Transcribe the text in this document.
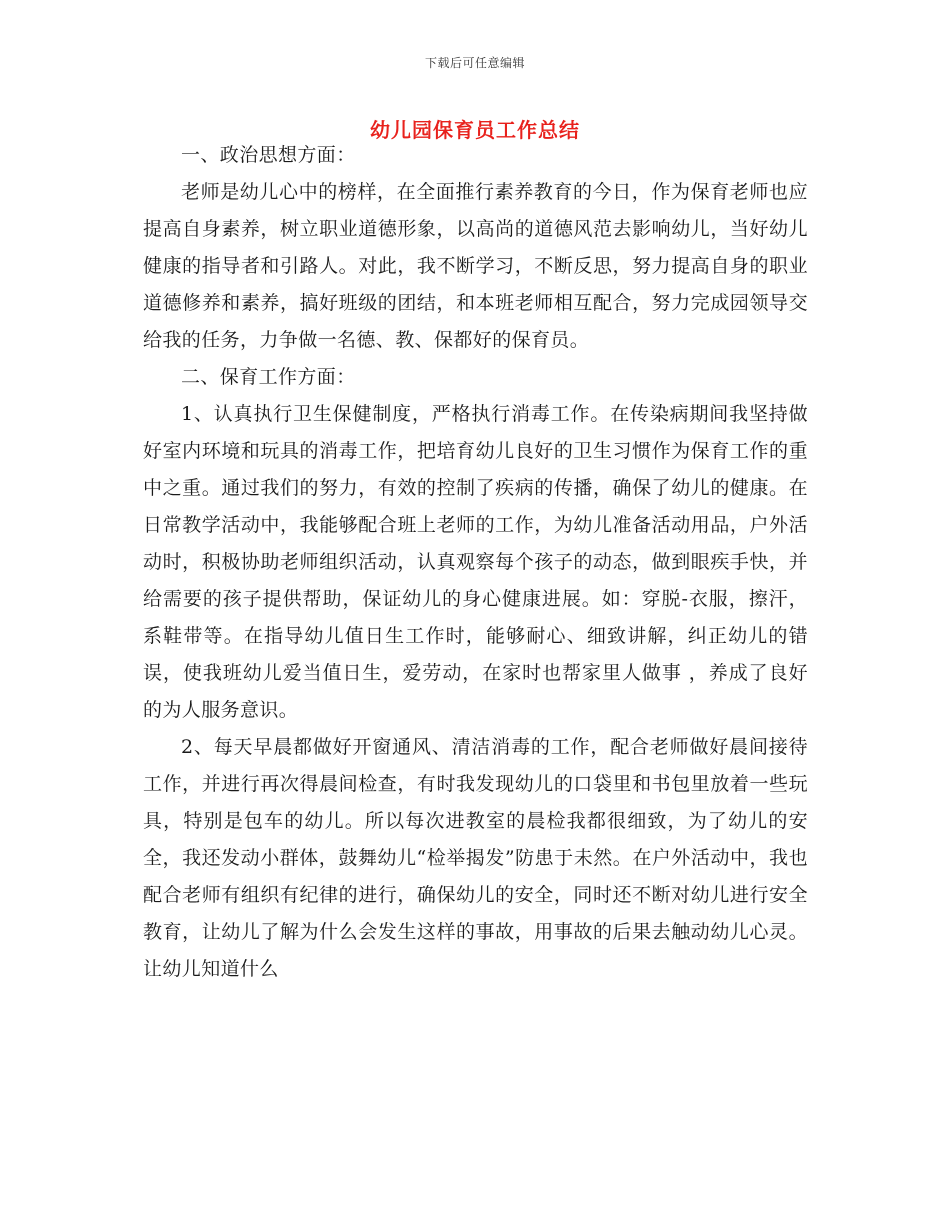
下载后可任意编辑
幼儿园保育员工作总结

一、政治思想方面：

老师是幼儿心中的榜样，在全面推行素养教育的今日，作为保育老师也应提高自身素养，树立职业道德形象，以高尚的道德风范去影响幼儿，当好幼儿健康的指导者和引路人。对此，我不断学习，不断反思，努力提高自身的职业道德修养和素养，搞好班级的团结，和本班老师相互配合，努力完成园领导交给我的任务，力争做一名德、教、保都好的保育员。

二、保育工作方面：

1、认真执行卫生保健制度，严格执行消毒工作。在传染病期间我坚持做好室内环境和玩具的消毒工作，把培育幼儿良好的卫生习惯作为保育工作的重中之重。通过我们的努力，有效的控制了疾病的传播，确保了幼儿的健康。在日常教学活动中，我能够配合班上老师的工作，为幼儿准备活动用品，户外活动时，积极协助老师组织活动，认真观察每个孩子的动态，做到眼疾手快，并给需要的孩子提供帮助，保证幼儿的身心健康进展。如：穿脱-衣服，擦汗，系鞋带等。在指导幼儿值日生工作时，能够耐心、细致讲解，纠正幼儿的错误，使我班幼儿爱当值日生，爱劳动，在家时也帮家里人做事 ，养成了良好的为人服务意识。

2、每天早晨都做好开窗通风、清洁消毒的工作，配合老师做好晨间接待工作，并进行再次得晨间检查，有时我发现幼儿的口袋里和书包里放着一些玩具，特别是包车的幼儿。所以每次进教室的晨检我都很细致，为了幼儿的安全，我还发动小群体，鼓舞幼儿“检举揭发”防患于未然。在户外活动中，我也配合老师有组织有纪律的进行，确保幼儿的安全，同时还不断对幼儿进行安全教育，让幼儿了解为什么会发生这样的事故，用事故的后果去触动幼儿心灵。让幼儿知道什么
